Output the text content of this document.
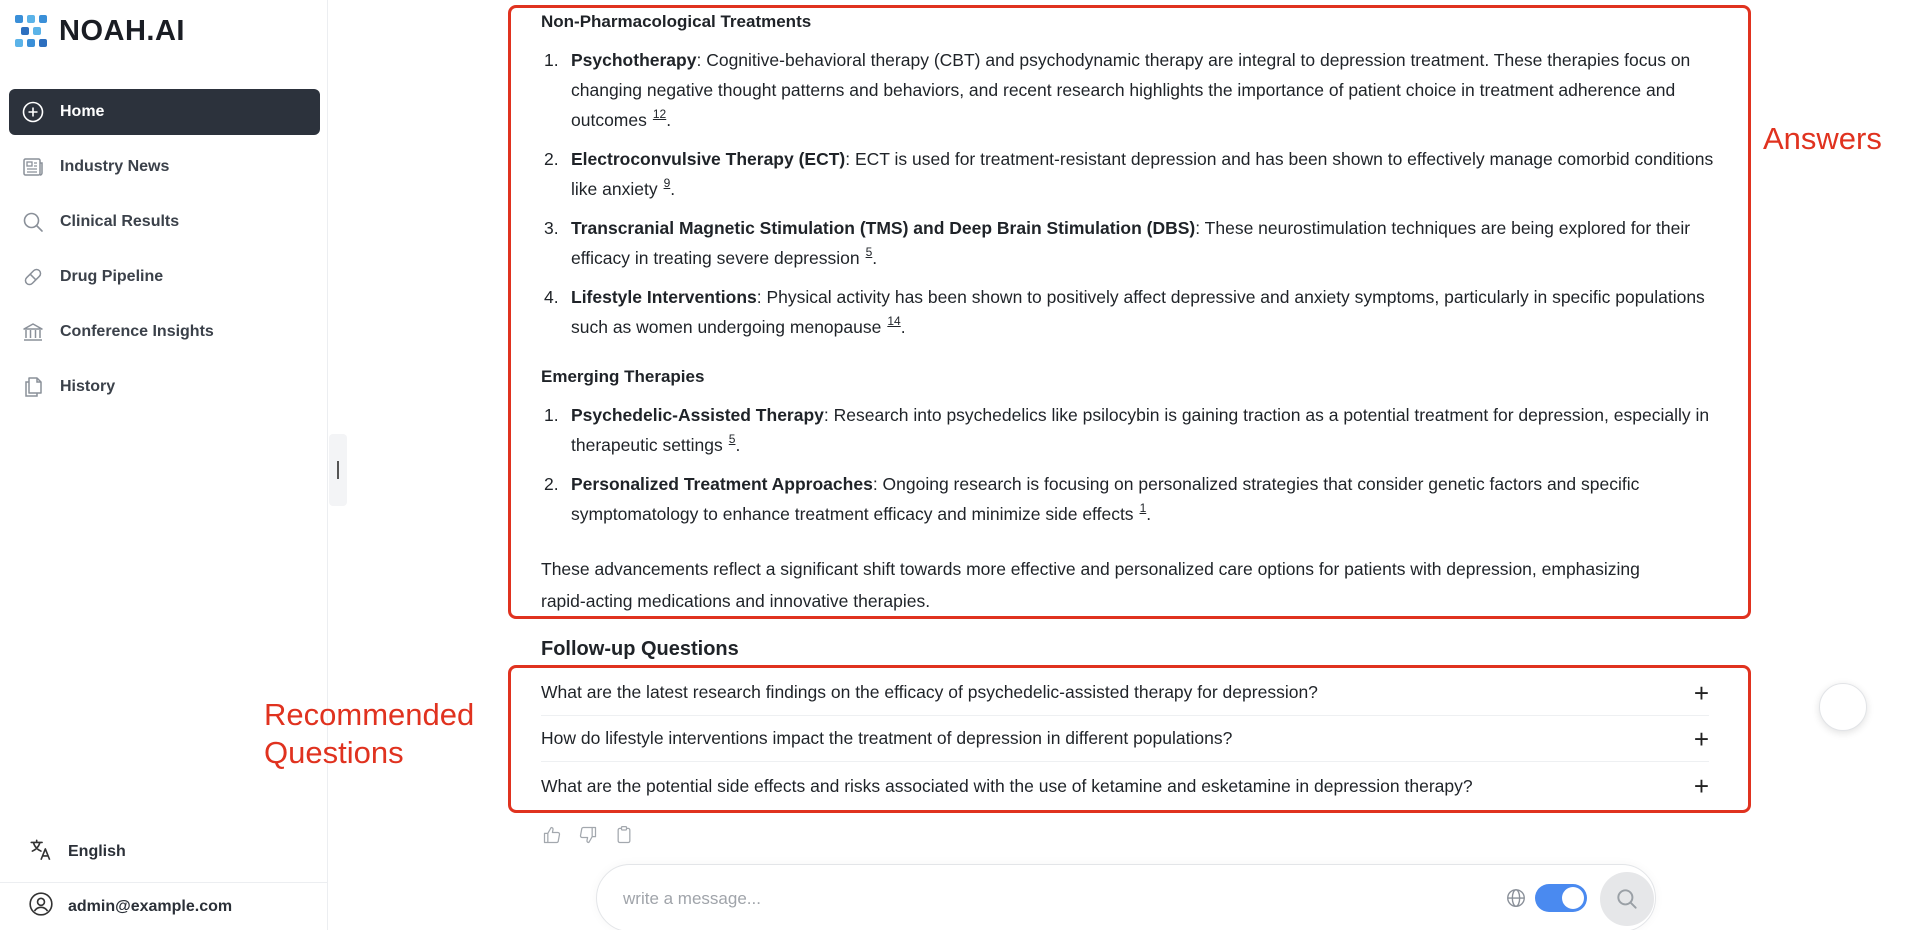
NOAH.AI
Home
Industry News
Clinical Results
Drug Pipeline
Conference Insights
History
English
admin@example.com
Non-Pharmacological Treatments
1. Psychotherapy: Cognitive-behavioral therapy (CBT) and psychodynamic therapy are integral to depression treatment. These therapies focus on changing negative thought patterns and behaviors, and recent research highlights the importance of patient choice in treatment adherence and outcomes $^{12}$.
2. Electroconvulsive Therapy (ECT): ECT is used for treatment-resistant depression and has been shown to effectively manage comorbid conditions like anxiety $^9$.
3. Transcranial Magnetic Stimulation (TMS) and Deep Brain Stimulation (DBS): These neurostimulation techniques are being explored for their efficacy in treating severe depression $^5$.
4. Lifestyle Interventions: Physical activity has been shown to positively affect depressive and anxiety symptoms, particularly in specific populations such as women undergoing menopause $^{14}$.
Emerging Therapies
1. Psychedelic-Assisted Therapy: Research into psychedelics like psilocybin is gaining traction as a potential treatment for depression, especially in therapeutic settings $^5$.
2. Personalized Treatment Approaches: Ongoing research is focusing on personalized strategies that consider genetic factors and specific symptomatology to enhance treatment efficacy and minimize side effects $^1$.
These advancements reflect a significant shift towards more effective and personalized care options for patients with depression, emphasizing rapid-acting medications and innovative therapies.
Answers
Follow-up Questions
What are the latest research findings on the efficacy of psychedelic-assisted therapy for depression?	+
How do lifestyle interventions impact the treatment of depression in different populations?	+
What are the potential side effects and risks associated with the use of ketamine and esketamine in depression therapy?	+
Recommended
Questions
write a message...
